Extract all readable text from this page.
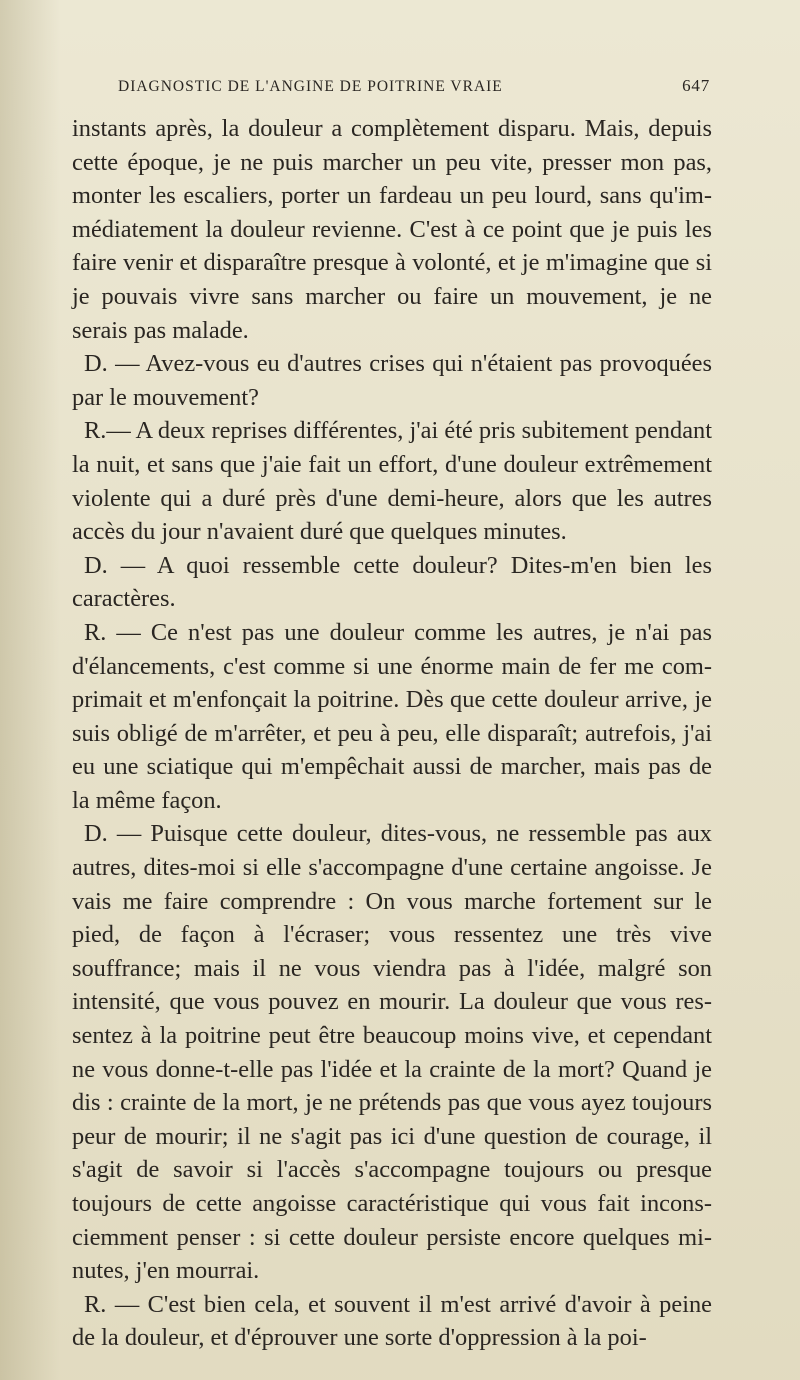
DIAGNOSTIC DE L'ANGINE DE POITRINE VRAIE	647

instants après, la douleur a complètement disparu. Mais, depuis cette époque, je ne puis marcher un peu vite, presser mon pas, monter les escaliers, porter un fardeau un peu lourd, sans qu'immédiatement la douleur revienne. C'est à ce point que je puis les faire venir et disparaître presque à volonté, et je m'imagine que si je pouvais vivre sans marcher ou faire un mouvement, je ne serais pas malade.

D. — Avez-vous eu d'autres crises qui n'étaient pas provoquées par le mouvement?

R.— A deux reprises différentes, j'ai été pris subitement pendant la nuit, et sans que j'aie fait un effort, d'une douleur extrêmement violente qui a duré près d'une demi-heure, alors que les autres accès du jour n'avaient duré que quelques minutes.

D. — A quoi ressemble cette douleur? Dites-m'en bien les caractères.

R. — Ce n'est pas une douleur comme les autres, je n'ai pas d'élancements, c'est comme si une énorme main de fer me comprimait et m'enfonçait la poitrine. Dès que cette douleur arrive, je suis obligé de m'arrêter, et peu à peu, elle disparaît; autrefois, j'ai eu une sciatique qui m'empêchait aussi de marcher, mais pas de la même façon.

D. — Puisque cette douleur, dites-vous, ne ressemble pas aux autres, dites-moi si elle s'accompagne d'une certaine angoisse. Je vais me faire comprendre : On vous marche fortement sur le pied, de façon à l'écraser; vous ressentez une très vive souffrance; mais il ne vous viendra pas à l'idée, malgré son intensité, que vous pouvez en mourir. La douleur que vous ressentez à la poitrine peut être beaucoup moins vive, et cependant ne vous donne-t-elle pas l'idée et la crainte de la mort? Quand je dis : crainte de la mort, je ne prétends pas que vous ayez toujours peur de mourir; il ne s'agit pas ici d'une question de courage, il s'agit de savoir si l'accès s'accompagne toujours ou presque toujours de cette angoisse caractéristique qui vous fait inconsciemment penser : si cette douleur persiste encore quelques minutes, j'en mourrai.

R. — C'est bien cela, et souvent il m'est arrivé d'avoir à peine de la douleur, et d'éprouver une sorte d'oppression à la poi-
